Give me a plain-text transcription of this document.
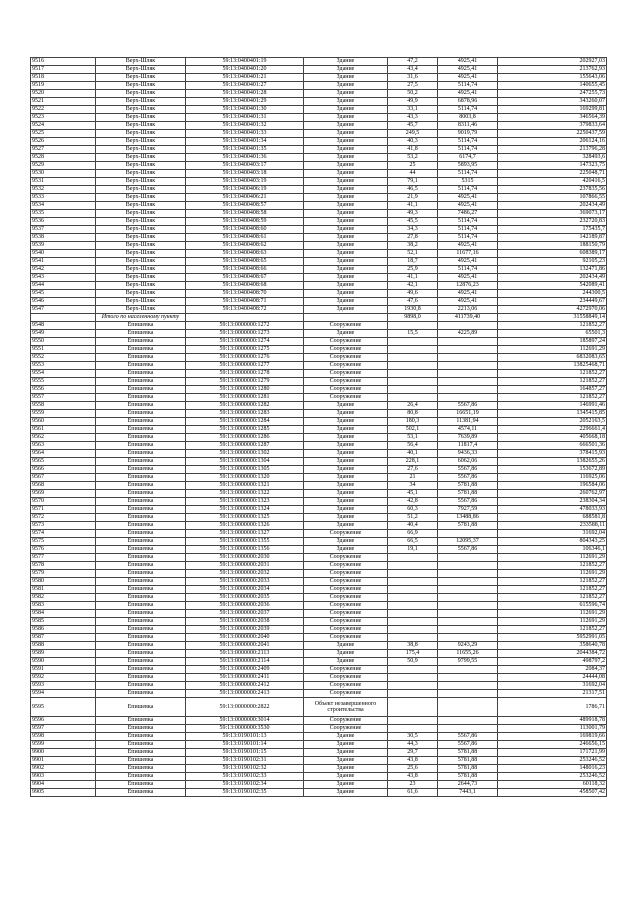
9516	Верх-Шляк	59:13:0400401:19	Здание	47,2	4925,41	202927,03
9517	Верх-Шляк	59:13:0400401:20	Здание	43,4	4925,41	213762,93
9518	Верх-Шляк	59:13:0400401:21	Здание	31,6	4925,41	155643,06
9519	Верх-Шляк	59:13:0400401:27	Здание	27,5	5114,74	140655,45
9520	Верх-Шляк	59:13:0400401:28	Здание	50,2	4925,41	247255,73
9521	Верх-Шляк	59:13:0400401:29	Здание	49,9	6878,96	343260,07
9522	Верх-Шляк	59:13:0400401:30	Здание	33,1	5114,74	169299,81
9523	Верх-Шляк	59:13:0400401:31	Здание	43,3	8003,8	346564,39
9524	Верх-Шляк	59:13:0400401:32	Здание	45,7	8311,46	379833,64
9525	Верх-Шляк	59:13:0400401:33	Здание	249,5	9019,79	2250437,59
9526	Верх-Шляк	59:13:0400401:34	Здание	40,3	5114,74	206124,16
9527	Верх-Шляк	59:13:0400401:35	Здание	41,8	5114,74	213796,28
9528	Верх-Шляк	59:13:0400401:36	Здание	53,2	6174,7	328493,6
9529	Верх-Шляк	59:13:0400403:17	Здание	25	5893,95	147323,75
9530	Верх-Шляк	59:13:0400403:18	Здание	44	5114,74	225048,71
9531	Верх-Шляк	59:13:0400403:19	Здание	79,1	5315	420416,5
9532	Верх-Шляк	59:13:0400406:19	Здание	46,5	5114,74	237835,56
9533	Верх-Шляк	59:13:0400406:21	Здание	21,9	4925,41	107866,55
9534	Верх-Шляк	59:13:0400408:57	Здание	41,1	4925,41	202434,49
9535	Верх-Шляк	59:13:0400408:58	Здание	49,3	7486,27	369073,17
9536	Верх-Шляк	59:13:0400408:59	Здание	45,5	5114,74	232720,83
9537	Верх-Шляк	59:13:0400408:60	Здание	34,3	5114,74	175435,7
9538	Верх-Шляк	59:13:0400408:61	Здание	27,8	5114,74	142189,87
9539	Верх-Шляк	59:13:0400408:62	Здание	38,2	4925,41	188150,79
9540	Верх-Шляк	59:13:0400408:63	Здание	52,1	11677,16	608389,17
9541	Верх-Шляк	59:13:0400408:65	Здание	18,7	4925,41	92105,23
9542	Верх-Шляк	59:13:0400408:66	Здание	25,9	5114,74	132471,86
9543	Верх-Шляк	59:13:0400408:67	Здание	41,1	4925,41	202434,49
9544	Верх-Шляк	59:13:0400408:68	Здание	42,1	12876,23	542089,41
9545	Верх-Шляк	59:13:0400408:70	Здание	49,6	4925,41	244300,5
9546	Верх-Шляк	59:13:0400408:71	Здание	47,6	4925,41	234449,67
9547	Верх-Шляк	59:13:0400408:72	Здание	1930,8	2213,06	4272970,06
	Итого по населенному пункту			9898,0	411739,40	31558849,14
9548	Епишевка	59:13:0000000:1272	Сооружение			121852,27
9549	Епишевка	59:13:0000000:1273	Здание	15,5	4225,89	65501,3
9550	Епишевка	59:13:0000000:1274	Сооружение			185897,24
9551	Епишевка	59:13:0000000:1275	Сооружение			112691,29
9552	Епишевка	59:13:0000000:1276	Сооружение			6832083,65
9553	Епишевка	59:13:0000000:1277	Сооружение			13825468,71
9554	Епишевка	59:13:0000000:1278	Сооружение			121852,27
9555	Епишевка	59:13:0000000:1279	Сооружение			121852,27
9556	Епишевка	59:13:0000000:1280	Сооружение			164857,27
9557	Епишевка	59:13:0000000:1281	Сооружение			121852,27
9558	Епишевка	59:13:0000000:1282	Здание	26,4	5567,86	146991,46
9559	Епишевка	59:13:0000000:1283	Здание	80,8	16651,19	1345415,85
9560	Епишевка	59:13:0000000:1284	Здание	180,3	11381,94	2052163,5
9561	Епишевка	59:13:0000000:1285	Здание	502,1	4574,11	2296661,4
9562	Епишевка	59:13:0000000:1286	Здание	53,1	7639,89	405668,18
9563	Епишевка	59:13:0000000:1287	Здание	56,4	11817,4	666501,36
9564	Епишевка	59:13:0000000:1302	Здание	40,1	9436,33	378415,93
9565	Епишевка	59:13:0000000:1304	Здание	228,1	6062,06	1382655,26
9566	Епишевка	59:13:0000000:1305	Здание	27,6	5567,86	153672,89
9567	Епишевка	59:13:0000000:1320	Здание	21	5567,86	116925,06
9568	Епишевка	59:13:0000000:1321	Здание	34	5781,88	196584,06
9569	Епишевка	59:13:0000000:1322	Здание	45,1	5781,88	260762,97
9570	Епишевка	59:13:0000000:1323	Здание	42,8	5567,86	238304,34
9571	Епишевка	59:13:0000000:1324	Здание	60,3	7927,59	478033,93
9572	Епишевка	59:13:0000000:1325	Здание	51,2	13488,86	688581,8
9573	Епишевка	59:13:0000000:1326	Здание	40,4	5781,88	233588,11
9574	Епишевка	59:13:0000000:1327	Сооружение	66,9		31692,04
9575	Епишевка	59:13:0000000:1355	Здание	66,5	12095,37	804343,25
9576	Епишевка	59:13:0000000:1356	Здание	19,1	5567,86	106346,1
9577	Епишевка	59:13:0000000:2030	Сооружение			112691,29
9578	Епишевка	59:13:0000000:2031	Сооружение			121852,27
9579	Епишевка	59:13:0000000:2032	Сооружение			112691,29
9580	Епишевка	59:13:0000000:2033	Сооружение			121852,27
9581	Епишевка	59:13:0000000:2034	Сооружение			121852,27
9582	Епишевка	59:13:0000000:2035	Сооружение			121852,27
9583	Епишевка	59:13:0000000:2036	Сооружение			615596,74
9584	Епишевка	59:13:0000000:2037	Сооружение			112691,29
9585	Епишевка	59:13:0000000:2038	Сооружение			112691,29
9586	Епишевка	59:13:0000000:2039	Сооружение			121852,27
9587	Епишевка	59:13:0000000:2040	Сооружение			5952991,05
9588	Епишевка	59:13:0000000:2041	Здание	38,8	9243,29	358640,78
9589	Епишевка	59:13:0000000:2113	Здание	175,4	11655,26	2044384,72
9590	Епишевка	59:13:0000000:2114	Здание	50,9	9799,55	498797,2
9591	Епишевка	59:13:0000000:2409	Сооружение			2084,37
9592	Епишевка	59:13:0000000:2411	Сооружение			24444,08
9593	Епишевка	59:13:0000000:2412	Сооружение			31692,04
9594	Епишевка	59:13:0000000:2413	Сооружение			21317,51
9595	Епишевка	59:13:0000000:2822	Объект незавершенного строительства			1786,71
9596	Епишевка	59:13:0000000:3014	Сооружение			489918,78
9597	Епишевка	59:13:0000000:3530	Сооружение			113001,79
9598	Епишевка	59:13:0190101:13	Здание	30,5	5567,86	169819,66
9599	Епишевка	59:13:0190101:14	Здание	44,3	5567,86	246656,15
9900	Епишевка	59:13:0190101:15	Здание	29,7	5781,88	171721,99
9901	Епишевка	59:13:0190102:31	Здание	43,8	5781,88	253246,52
9902	Епишевка	59:13:0190102:32	Здание	25,6	5781,88	148016,23
9903	Епишевка	59:13:0190102:33	Здание	43,8	5781,88	253246,52
9904	Епишевка	59:13:0190102:34	Здание	23	2644,73	60118,32
9905	Епишевка	59:13:0190102:35	Здание	61,6	7443,1	458507,42
